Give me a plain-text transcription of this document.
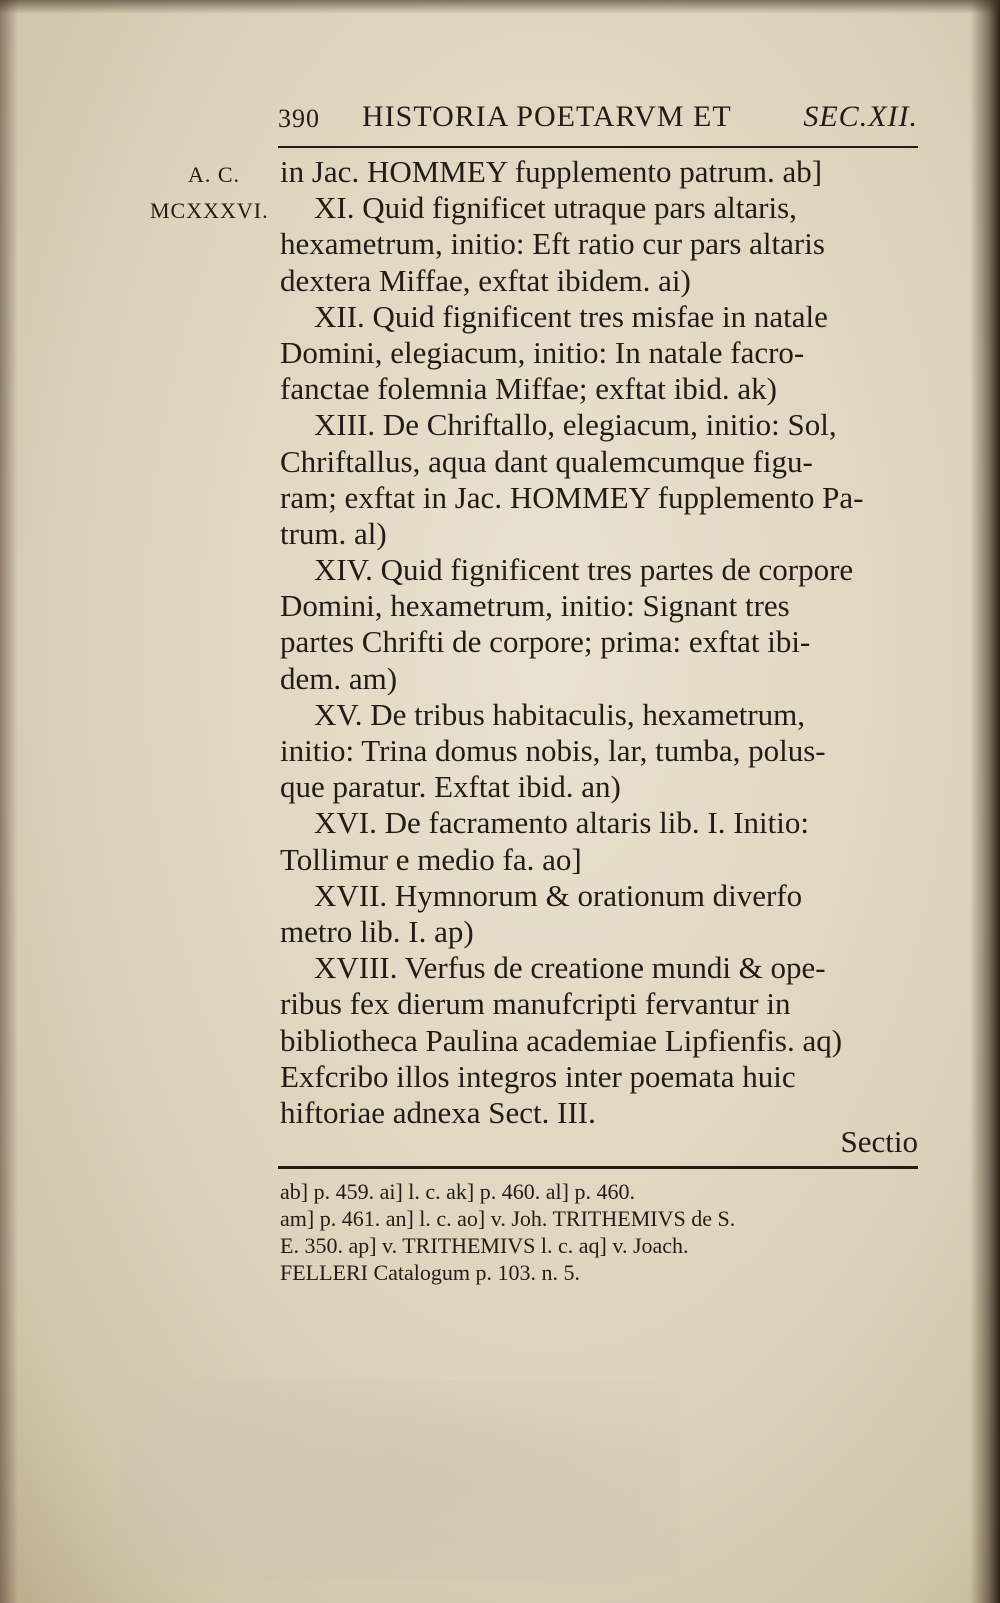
390 HISTORIA POETARVM ET SEC.XII.
A. C.
MCXXXVI.
in Jac. HOMMEY fupplemento patrum. ab]
XI. Quid fignificet utraque pars altaris,
hexametrum, initio: Eft ratio cur pars altaris
dextera Miffae, exftat ibidem. ai)
XII. Quid fignificent tres misfae in natale
Domini, elegiacum, initio: In natale facro-
fanctae folemnia Miffae; exftat ibid. ak)
XIII. De Chriftallo, elegiacum, initio: Sol,
Chriftallus, aqua dant qualemcumque figu-
ram; exftat in Jac. HOMMEY fupplemento Pa-
trum. al)
XIV. Quid fignificent tres partes de corpore
Domini, hexametrum, initio: Signant tres
partes Chrifti de corpore; prima: exftat ibi-
dem. am)
XV. De tribus habitaculis, hexametrum,
initio: Trina domus nobis, lar, tumba, polus-
que paratur. Exftat ibid. an)
XVI. De facramento altaris lib. I. Initio:
Tollimur e medio fa. ao]
XVII. Hymnorum & orationum diverfo
metro lib. I. ap)
XVIII. Verfus de creatione mundi & ope-
ribus fex dierum manufcripti fervantur in
bibliotheca Paulina academiae Lipfienfis. aq)
Exfcribo illos integros inter poemata huic
hiftoriae adnexa Sect. III.
Sectio
ab] p. 459. ai] l. c. ak] p. 460. al] p. 460.
am] p. 461. an] l. c. ao] v. Joh. TRITHEMIVS de S.
E. 350. ap] v. TRITHEMIVS l. c. aq] v. Joach.
FELLERI Catalogum p. 103. n. 5.
